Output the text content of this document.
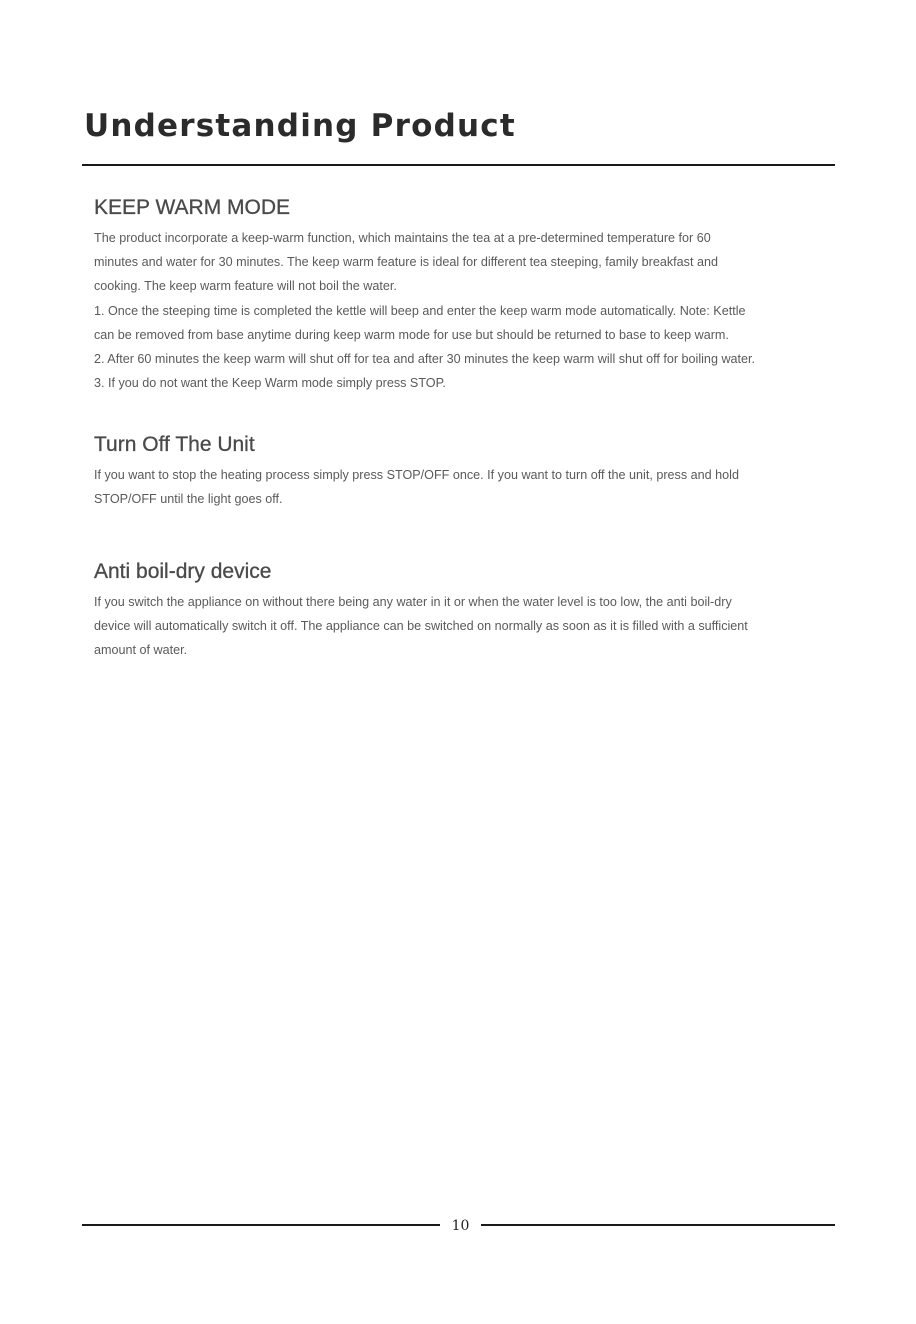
Understanding Product
KEEP WARM MODE

The product incorporate a keep-warm function, which maintains the tea at a pre-determined temperature for 60

minutes and water for 30 minutes. The keep warm feature is ideal for different tea steeping, family breakfast and

cooking. The keep warm feature will not boil the water.

1. Once the steeping time is completed the kettle will beep and enter the keep warm mode automatically. Note: Kettle

can be removed from base anytime during keep warm mode for use but should be returned to base to keep warm.

2. After 60 minutes the keep warm will shut off for tea and after 30 minutes the keep warm will shut off for boiling water.

3. If you do not want the Keep Warm mode simply press STOP.

Turn Off The Unit

If you want to stop the heating process simply press STOP/OFF once. If you want to turn off the unit, press and hold

STOP/OFF until the light goes off.

Anti boil-dry device

If you switch the appliance on without there being any water in it or when the water level is too low, the anti boil-dry

device will automatically switch it off. The appliance can be switched on normally as soon as it is filled with a sufficient

amount of water.

10
